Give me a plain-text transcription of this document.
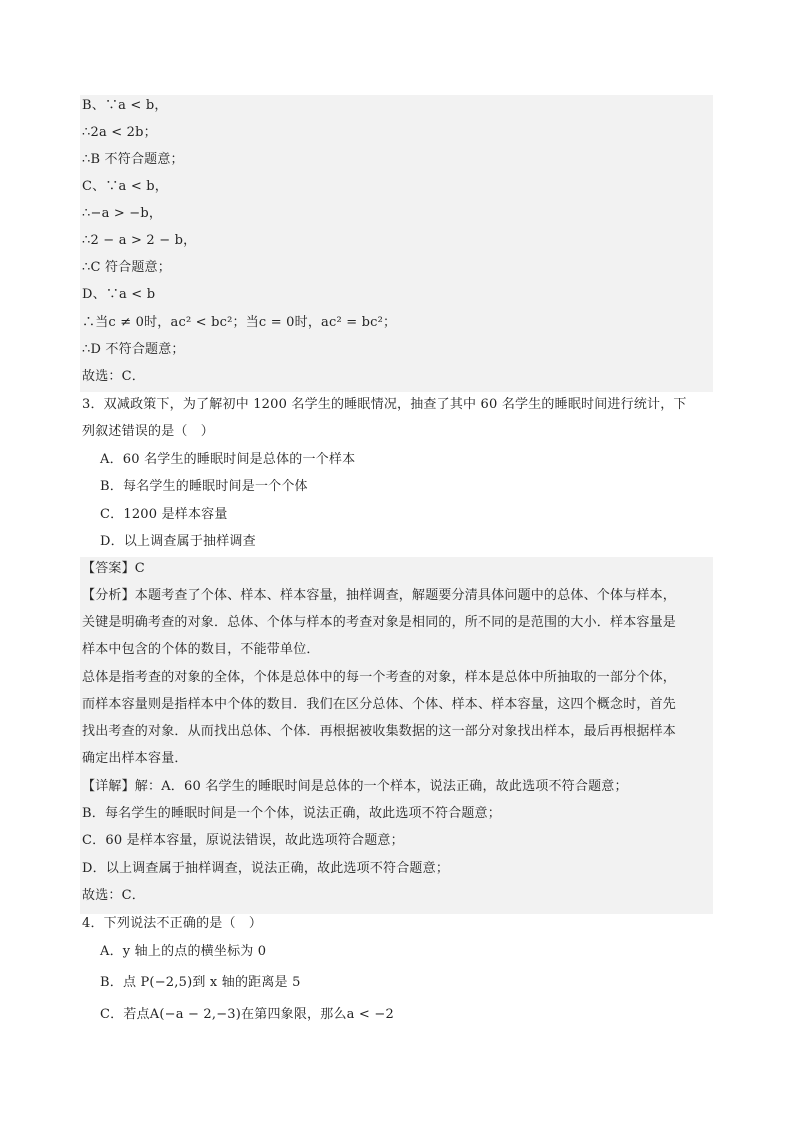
B、∵a < b，
∴2a < 2b；
∴B 不符合题意；
C、∵a < b，
∴−a > −b，
∴2 − a > 2 − b，
∴C 符合题意；
D、∵a < b
∴当c ≠ 0时，ac² < bc²；当c = 0时，ac² = bc²；
∴D 不符合题意；
故选：C．
3．双减政策下，为了解初中 1200 名学生的睡眠情况，抽查了其中 60 名学生的睡眠时间进行统计，下
列叙述错误的是（　）
A．60 名学生的睡眠时间是总体的一个样本
B．每名学生的睡眠时间是一个个体
C．1200 是样本容量
D．以上调查属于抽样调查
【答案】C
【分析】本题考查了个体、样本、样本容量，抽样调查，解题要分清具体问题中的总体、个体与样本，
关键是明确考查的对象．总体、个体与样本的考查对象是相同的，所不同的是范围的大小．样本容量是
样本中包含的个体的数目，不能带单位．
总体是指考查的对象的全体，个体是总体中的每一个考查的对象，样本是总体中所抽取的一部分个体，
而样本容量则是指样本中个体的数目．我们在区分总体、个体、样本、样本容量，这四个概念时，首先
找出考查的对象．从而找出总体、个体．再根据被收集数据的这一部分对象找出样本，最后再根据样本
确定出样本容量．
【详解】解：A．60 名学生的睡眠时间是总体的一个样本，说法正确，故此选项不符合题意；
B．每名学生的睡眠时间是一个个体，说法正确，故此选项不符合题意；
C．60 是样本容量，原说法错误，故此选项符合题意；
D．以上调查属于抽样调查，说法正确，故此选项不符合题意；
故选：C．
4．下列说法不正确的是（　）
A．y 轴上的点的横坐标为 0
B．点 P(−2,5)到 x 轴的距离是 5
C．若点A(−a − 2,−3)在第四象限，那么a < −2
